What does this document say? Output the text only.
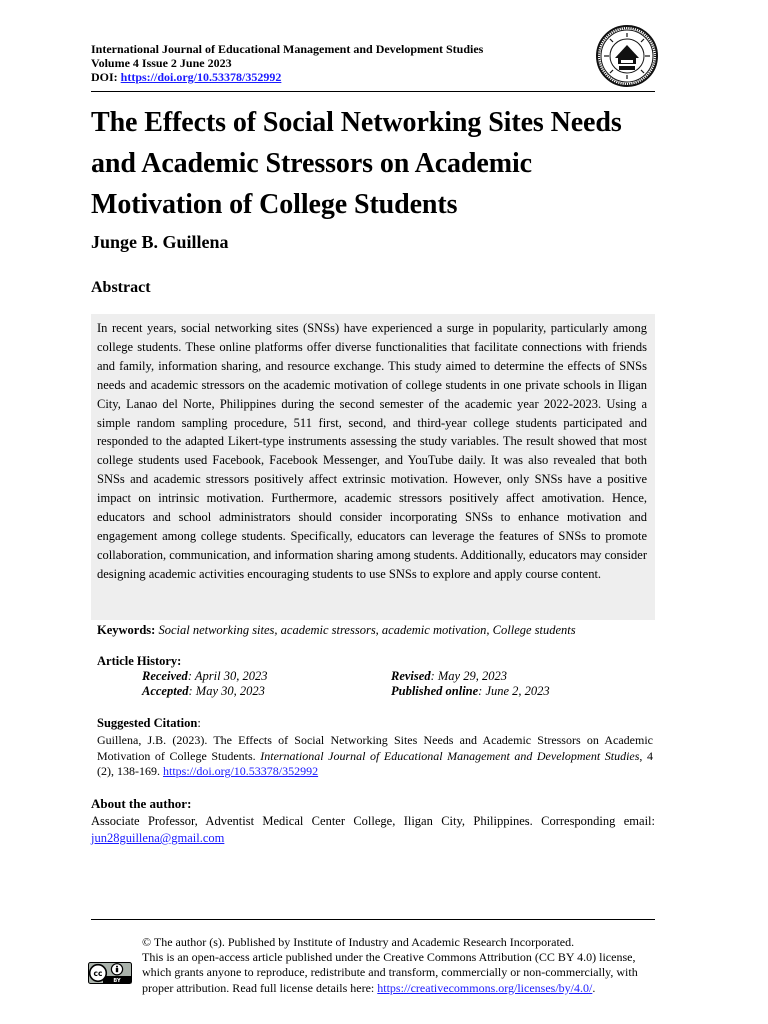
International Journal of Educational Management and Development Studies
Volume 4 Issue 2 June 2023
DOI: https://doi.org/10.53378/352992
The Effects of Social Networking Sites Needs and Academic Stressors on Academic Motivation of College Students
Junge B. Guillena
Abstract

In recent years, social networking sites (SNSs) have experienced a surge in popularity, particularly among college students. These online platforms offer diverse functionalities that facilitate connections with friends and family, information sharing, and resource exchange. This study aimed to determine the effects of SNSs needs and academic stressors on the academic motivation of college students in one private schools in Iligan City, Lanao del Norte, Philippines during the second semester of the academic year 2022-2023. Using a simple random sampling procedure, 511 first, second, and third-year college students participated and responded to the adapted Likert-type instruments assessing the study variables. The result showed that most college students used Facebook, Facebook Messenger, and YouTube daily. It was also revealed that both SNSs and academic stressors positively affect extrinsic motivation. However, only SNSs have a positive impact on intrinsic motivation. Furthermore, academic stressors positively affect amotivation. Hence, educators and school administrators should consider incorporating SNSs to enhance motivation and engagement among college students. Specifically, educators can leverage the features of SNSs to promote collaboration, communication, and information sharing among students. Additionally, educators may consider designing academic activities encouraging students to use SNSs to explore and apply course content.

Keywords: Social networking sites, academic stressors, academic motivation, College students
Article History:
Received: April 30, 2023
Accepted: May 30, 2023
Revised: May 29, 2023
Published online: June 2, 2023
Suggested Citation:
Guillena, J.B. (2023). The Effects of Social Networking Sites Needs and Academic Stressors on Academic Motivation of College Students. International Journal of Educational Management and Development Studies, 4 (2), 138-169. https://doi.org/10.53378/352992
About the author:
Associate Professor, Adventist Medical Center College, Iligan City, Philippines. Corresponding email:
jun28guillena@gmail.com
cc
BY
© The author (s). Published by Institute of Industry and Academic Research Incorporated.
This is an open-access article published under the Creative Commons Attribution (CC BY 4.0) license, which grants anyone to reproduce, redistribute and transform, commercially or non-commercially, with proper attribution. Read full license details here: https://creativecommons.org/licenses/by/4.0/.
